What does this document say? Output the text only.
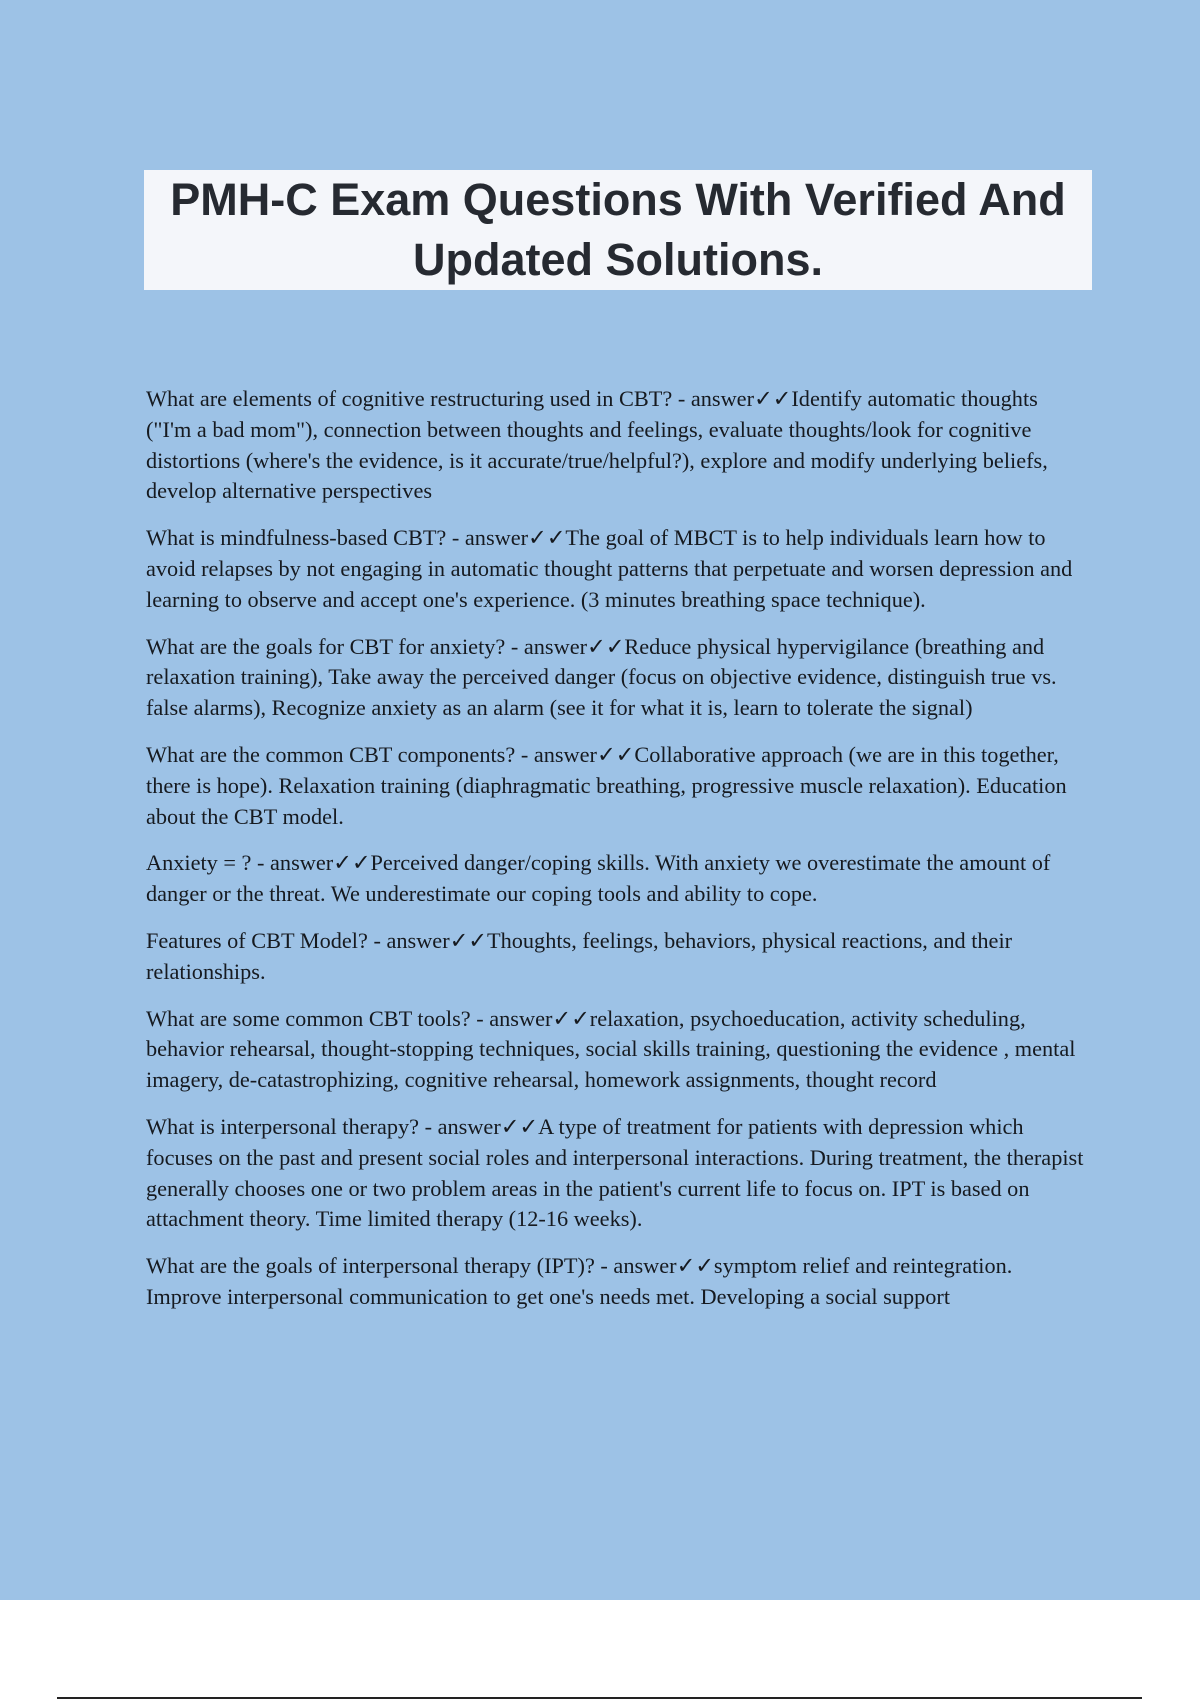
PMH-C Exam Questions With Verified And Updated Solutions.

What are elements of cognitive restructuring used in CBT? - answer✓✓Identify automatic thoughts ("I'm a bad mom"), connection between thoughts and feelings, evaluate thoughts/look for cognitive distortions (where's the evidence, is it accurate/true/helpful?), explore and modify underlying beliefs, develop alternative perspectives

What is mindfulness-based CBT? - answer✓✓The goal of MBCT is to help individuals learn how to avoid relapses by not engaging in automatic thought patterns that perpetuate and worsen depression and learning to observe and accept one's experience. (3 minutes breathing space technique).

What are the goals for CBT for anxiety? - answer✓✓Reduce physical hypervigilance (breathing and relaxation training), Take away the perceived danger (focus on objective evidence, distinguish true vs. false alarms), Recognize anxiety as an alarm (see it for what it is, learn to tolerate the signal)

What are the common CBT components? - answer✓✓Collaborative approach (we are in this together, there is hope). Relaxation training (diaphragmatic breathing, progressive muscle relaxation). Education about the CBT model.

Anxiety = ? - answer✓✓Perceived danger/coping skills. With anxiety we overestimate the amount of danger or the threat. We underestimate our coping tools and ability to cope.

Features of CBT Model? - answer✓✓Thoughts, feelings, behaviors, physical reactions, and their relationships.

What are some common CBT tools? - answer✓✓relaxation, psychoeducation, activity scheduling, behavior rehearsal, thought-stopping techniques, social skills training, questioning the evidence , mental imagery, de-catastrophizing, cognitive rehearsal, homework assignments, thought record

What is interpersonal therapy? - answer✓✓A type of treatment for patients with depression which focuses on the past and present social roles and interpersonal interactions. During treatment, the therapist generally chooses one or two problem areas in the patient's current life to focus on. IPT is based on attachment theory. Time limited therapy (12-16 weeks).

What are the goals of interpersonal therapy (IPT)? - answer✓✓symptom relief and reintegration. Improve interpersonal communication to get one's needs met. Developing a social support
